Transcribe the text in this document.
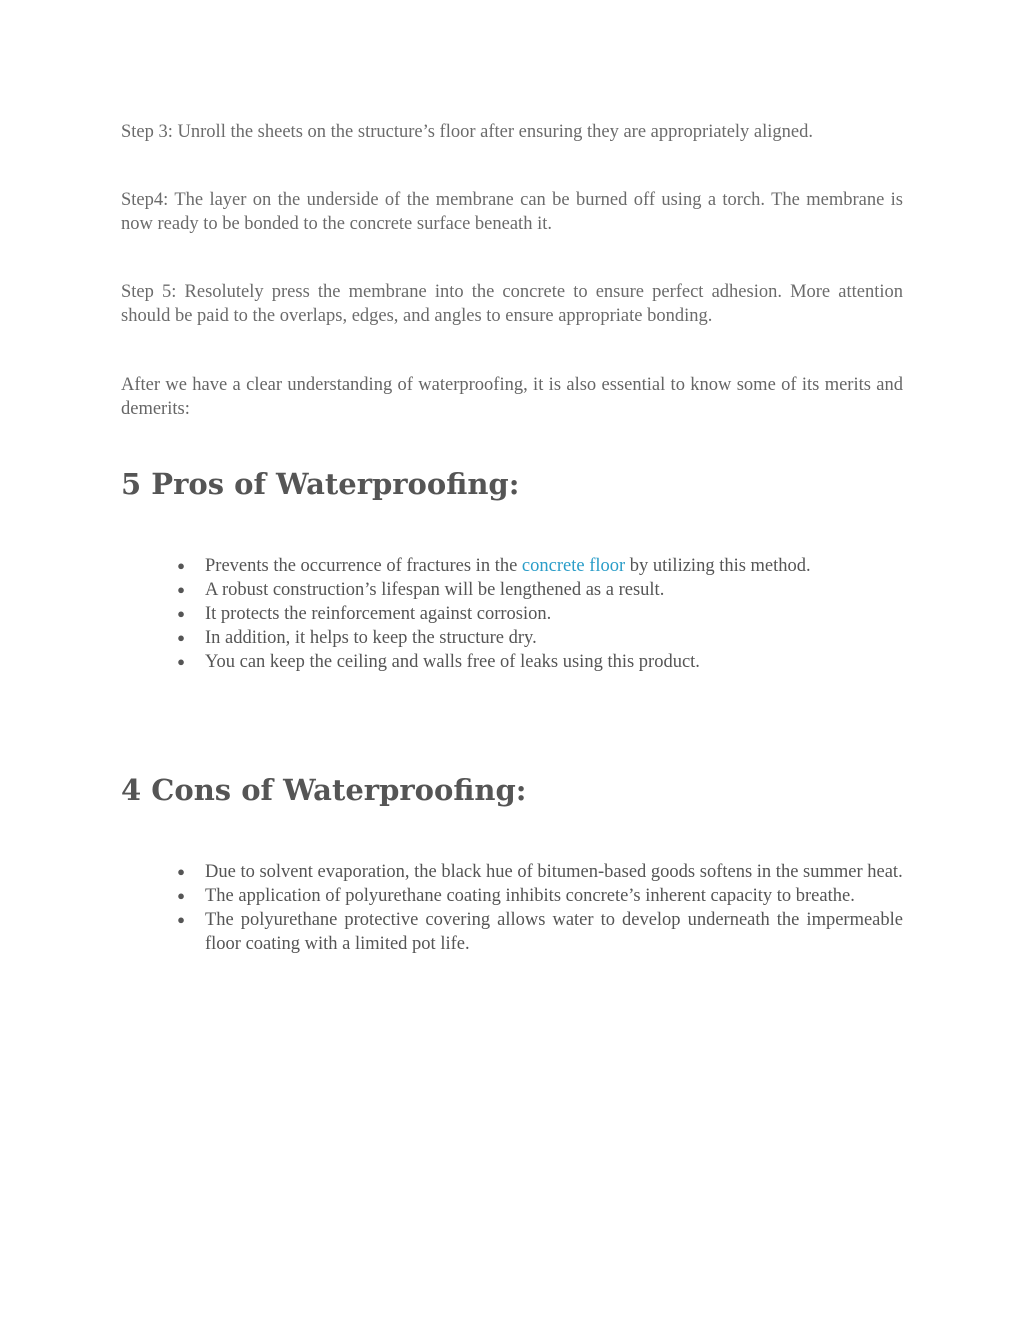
Step 3: Unroll the sheets on the structure’s floor after ensuring they are appropriately aligned.

Step4: The layer on the underside of the membrane can be burned off using a torch. The membrane is now ready to be bonded to the concrete surface beneath it.

Step 5: Resolutely press the membrane into the concrete to ensure perfect adhesion. More attention should be paid to the overlaps, edges, and angles to ensure appropriate bonding.

After we have a clear understanding of waterproofing, it is also essential to know some of its merits and demerits:

5 Pros of Waterproofing:
● Prevents the occurrence of fractures in the concrete floor by utilizing this method.
● A robust construction’s lifespan will be lengthened as a result.
● It protects the reinforcement against corrosion.
● In addition, it helps to keep the structure dry.
● You can keep the ceiling and walls free of leaks using this product.
4 Cons of Waterproofing:
● Due to solvent evaporation, the black hue of bitumen-based goods softens in the summer heat.
● The application of polyurethane coating inhibits concrete’s inherent capacity to breathe.
● The polyurethane protective covering allows water to develop underneath the impermeable floor coating with a limited pot life.
